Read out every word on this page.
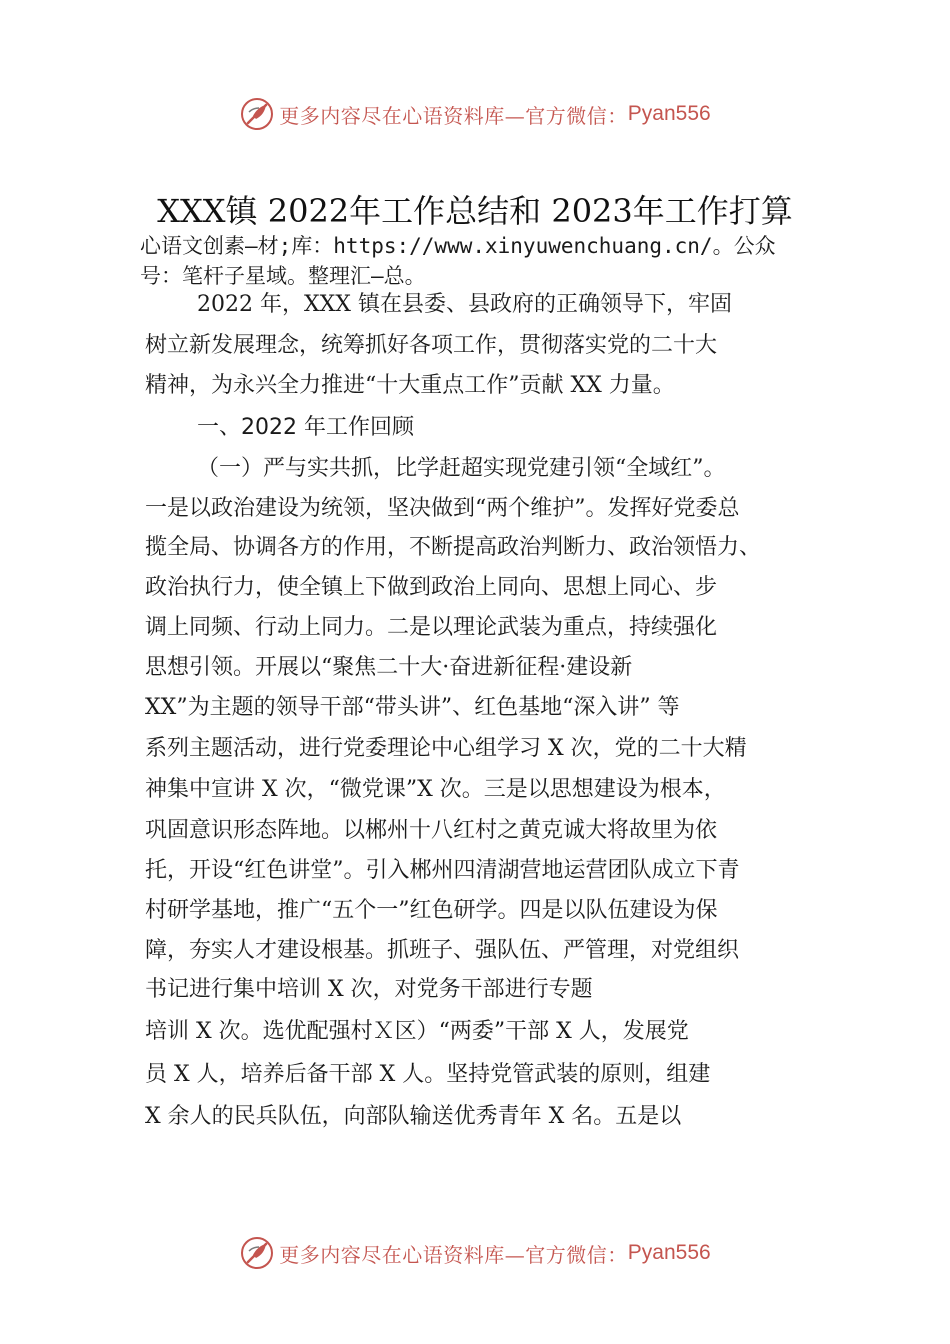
更多内容尽在心语资料库—官方微信： Pyan556
XXX镇 2022年工作总结和 2023年工作打算
心语文创素—材;库：https://www.xinyuwenchuang.cn/。公众
号：笔杆子星域。整理汇—总。
2022 年，XXX 镇在县委、县政府的正确领导下，牢固
树立新发展理念，统筹抓好各项工作，贯彻落实党的二十大
精神，为永兴全力推进“十大重点工作”贡献 XX 力量。
一、2022 年工作回顾
（一）严与实共抓，比学赶超实现党建引领“全域红”。
一是以政治建设为统领，坚决做到“两个维护”。发挥好党委总
揽全局、协调各方的作用，不断提高政治判断力、政治领悟力、
政治执行力，使全镇上下做到政治上同向、思想上同心、步
调上同频、行动上同力。二是以理论武装为重点，持续强化
思想引领。开展以“聚焦二十大·奋进新征程·建设新
XX”为主题的领导干部“带头讲”、红色基地“深入讲” 等
系列主题活动，进行党委理论中心组学习 X 次，党的二十大精
神集中宣讲 X 次，“微党课”X 次。三是以思想建设为根本，
巩固意识形态阵地。以郴州十八红村之黄克诚大将故里为依
托，开设“红色讲堂”。引入郴州四清湖营地运营团队成立下青
村研学基地，推广“五个一”红色研学。四是以队伍建设为保
障，夯实人才建设根基。抓班子、强队伍、严管理，对党组织
书记进行集中培训 X 次，对党务干部进行专题
培训 X 次。选优配强村Ｘ区）“两委”干部 X 人，发展党
员 X 人，培养后备干部 X 人。坚持党管武装的原则，组建
X 余人的民兵队伍，向部队输送优秀青年 X 名。五是以
更多内容尽在心语资料库—官方微信： Pyan556
